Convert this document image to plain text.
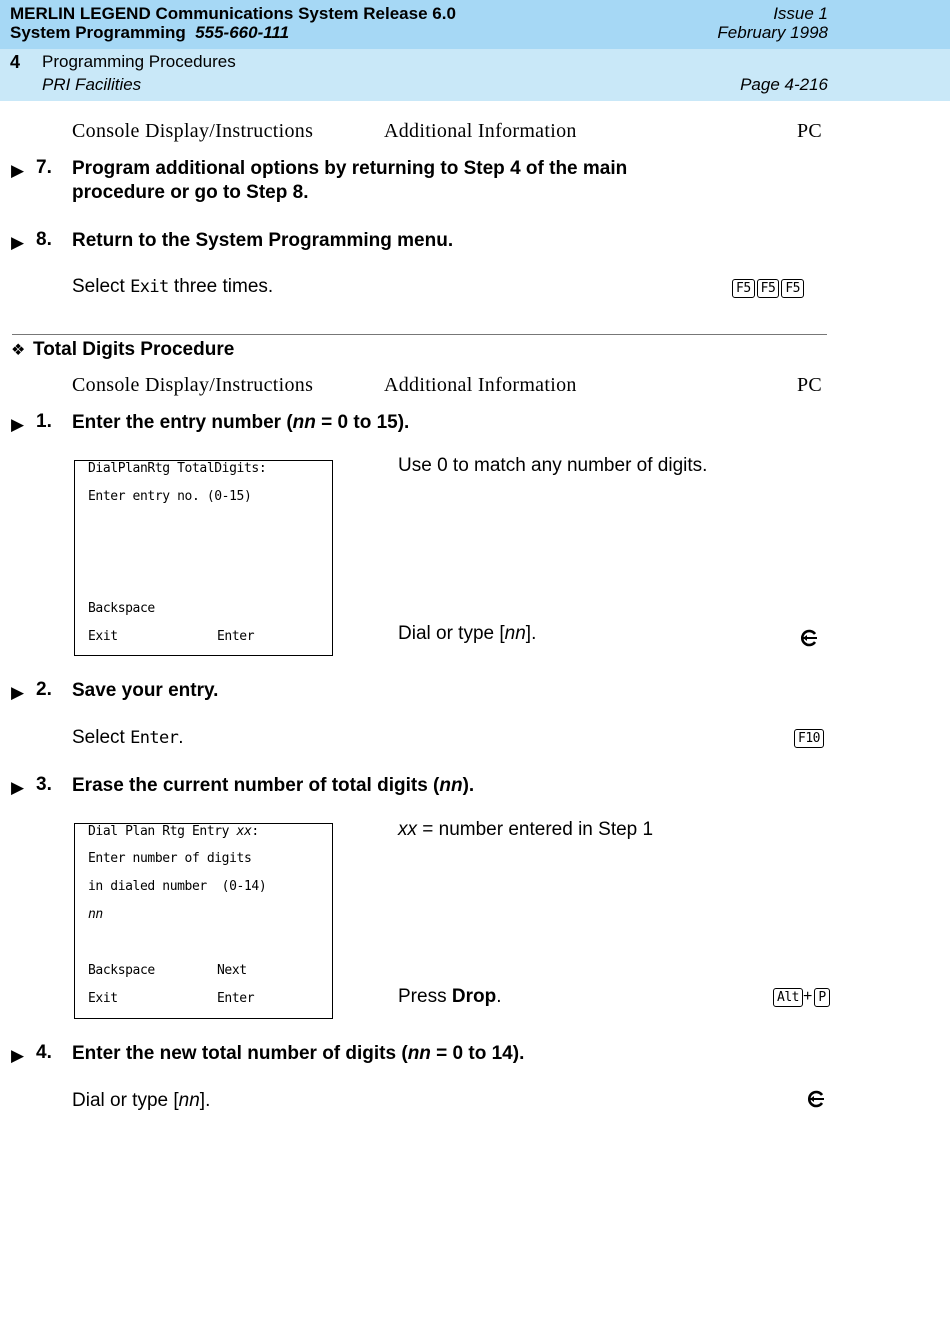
MERLIN LEGEND Communications System Release 6.0
System Programming 555-660-111
Issue 1
February 1998
4 Programming Procedures
PRI Facilities	Page 4-216
Console Display/Instructions	Additional Information	PC
▶ 7. Program additional options by returning to Step 4 of the main
procedure or go to Step 8.
▶ 8. Return to the System Programming menu.
Select Exit three times.	F5 F5 F5
❖ Total Digits Procedure
Console Display/Instructions	Additional Information	PC
▶ 1. Enter the entry number (nn = 0 to 15).
DialPlanRtg TotalDigits:
Enter entry no. (0-15)
Backspace
Exit	Enter
Use 0 to match any number of digits.
Dial or type [nn].
▶ 2. Save your entry.
Select Enter.	F10
▶ 3. Erase the current number of total digits (nn).
Dial Plan Rtg Entry xx:
Enter number of digits
in dialed number  (0-14)
nn
Backspace	Next
Exit	Enter
xx = number entered in Step 1
Press Drop.	Alt + P
▶ 4. Enter the new total number of digits (nn = 0 to 14).
Dial or type [nn].
